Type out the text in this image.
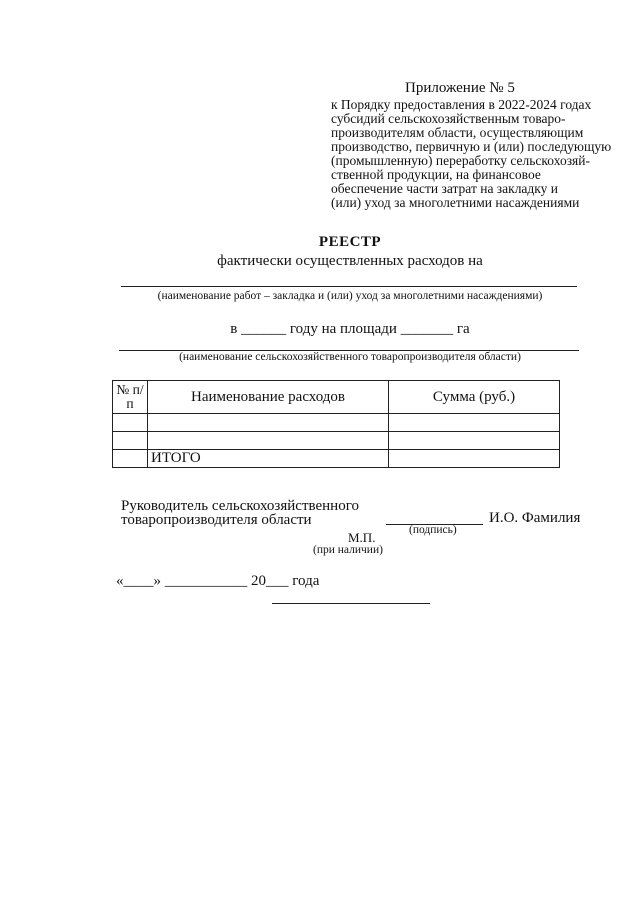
Приложение № 5
к Порядку предоставления в 2022-2024 годах
субсидий сельскохозяйственным товаро-
производителям области, осуществляющим
производство, первичную и (или) последующую
(промышленную) переработку сельскохозяй-
ственной продукции, на финансовое
обеспечение части затрат на закладку и
(или) уход за многолетними насаждениями
РЕЕСТР
фактически осуществленных расходов на
(наименование работ – закладка и (или) уход за многолетними насаждениями)
в ______ году на площади _______ га
(наименование сельскохозяйственного товаропроизводителя области)
№ п/п	Наименование расходов	Сумма (руб.)

	ИТОГО	
Руководитель сельскохозяйственного
товаропроизводителя области
(подпись)
И.О. Фамилия
М.П.
(при наличии)
«____» ___________ 20___ года
